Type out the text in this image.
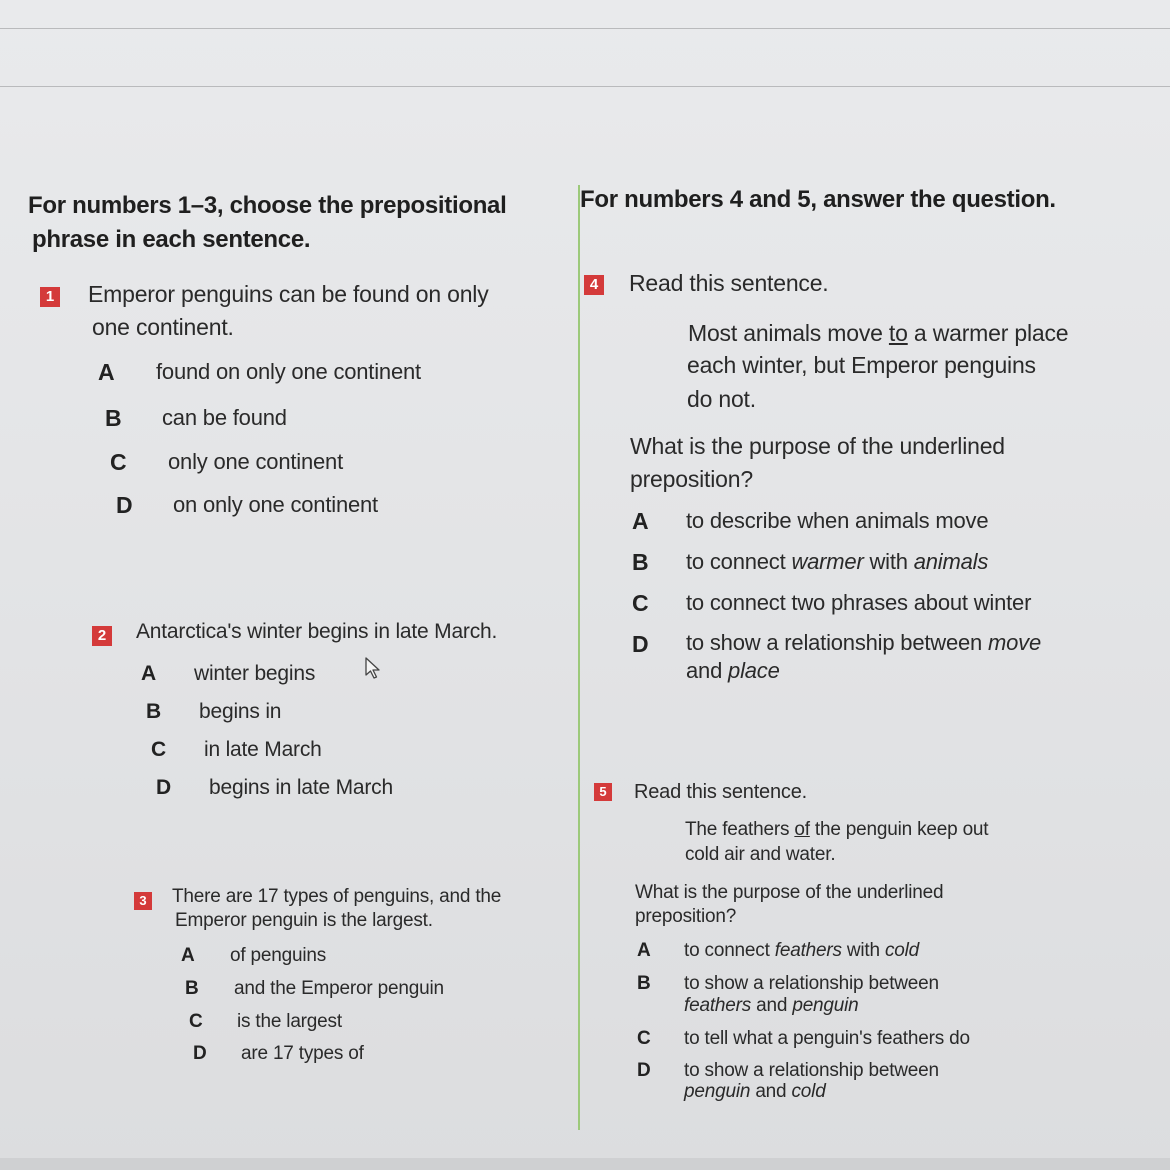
For numbers 1–3, choose the prepositional
phrase in each sentence.
1 Emperor penguins can be found on only
one continent.
A found on only one continent
B can be found
C only one continent
D on only one continent
2 Antarctica's winter begins in late March.
A winter begins
B begins in
C in late March
D begins in late March
3 There are 17 types of penguins, and the
Emperor penguin is the largest.
A of penguins
B and the Emperor penguin
C is the largest
D are 17 types of
For numbers 4 and 5, answer the question.
4 Read this sentence.
Most animals move to a warmer place
each winter, but Emperor penguins
do not.
What is the purpose of the underlined
preposition?
A to describe when animals move
B to connect warmer with animals
C to connect two phrases about winter
D to show a relationship between move
and place
5 Read this sentence.
The feathers of the penguin keep out
cold air and water.
What is the purpose of the underlined
preposition?
A to connect feathers with cold
B to show a relationship between
feathers and penguin
C to tell what a penguin's feathers do
D to show a relationship between
penguin and cold
